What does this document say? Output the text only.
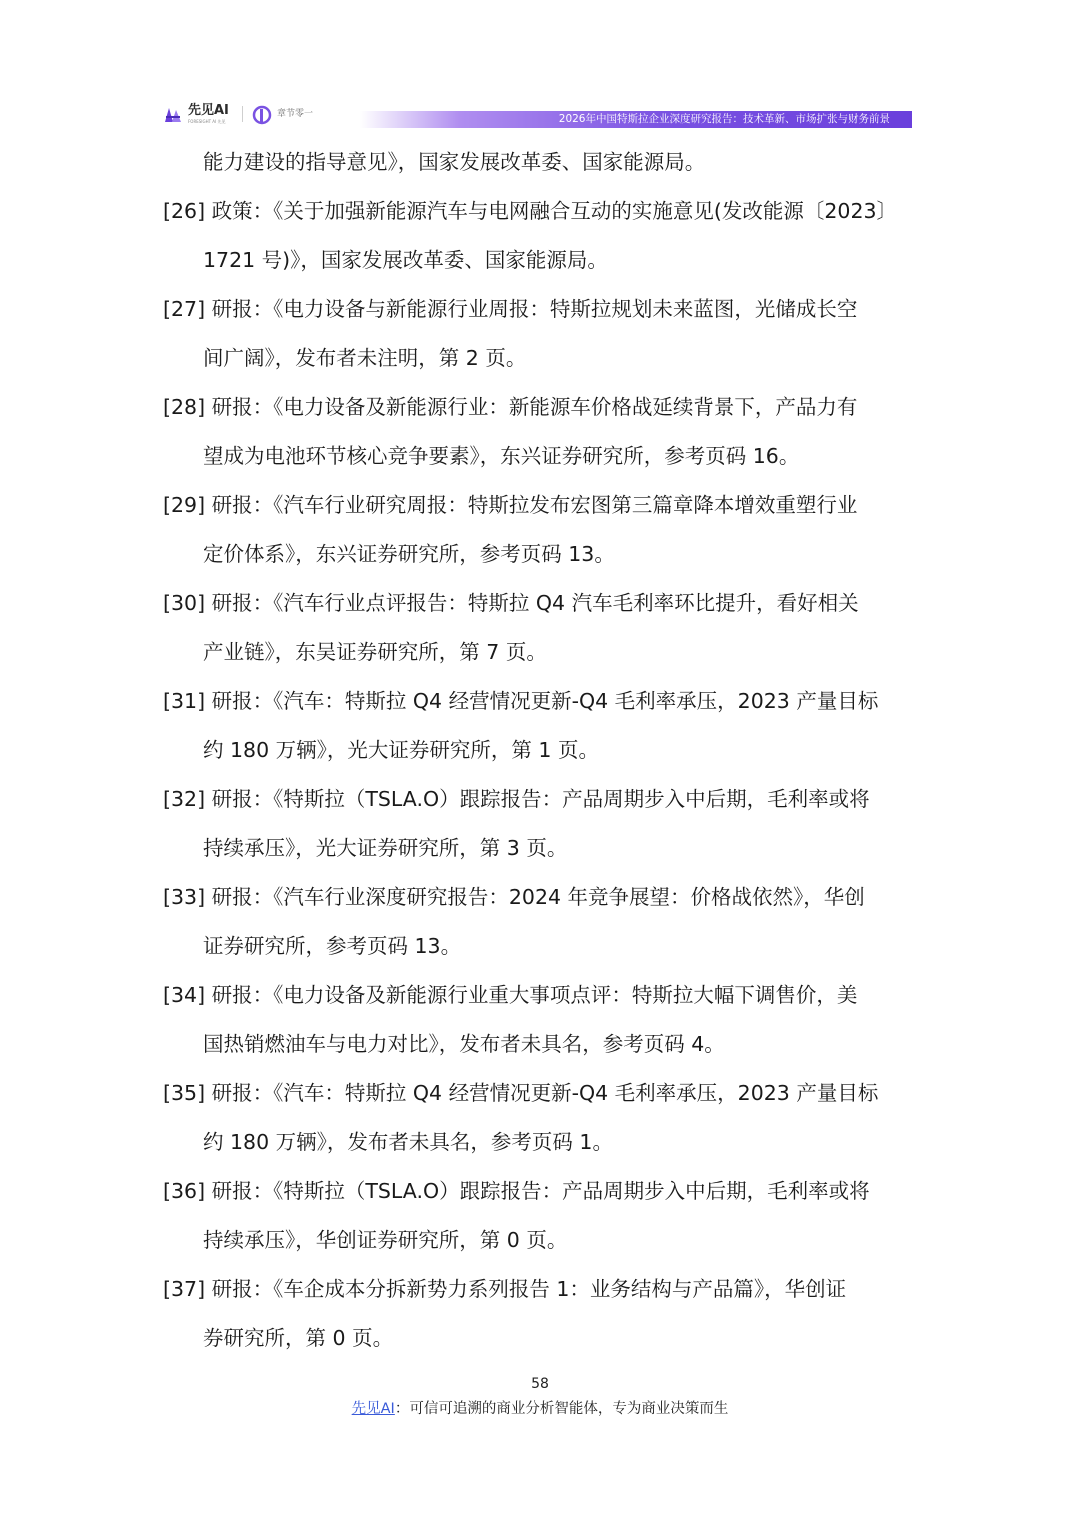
先见AI
FORESIGHT AI 先见
章节零一	2026年中国特斯拉企业深度研究报告：技术革新、市场扩张与财务前景
能力建设的指导意见》，国家发展改革委、国家能源局。
[26] 政策：《关于加强新能源汽车与电网融合互动的实施意见(发改能源〔2023〕
1721 号)》，国家发展改革委、国家能源局。
[27] 研报：《电力设备与新能源行业周报：特斯拉规划未来蓝图，光储成长空
间广阔》，发布者未注明，第 2 页。
[28] 研报：《电力设备及新能源行业：新能源车价格战延续背景下，产品力有
望成为电池环节核心竞争要素》，东兴证券研究所，参考页码 16。
[29] 研报：《汽车行业研究周报：特斯拉发布宏图第三篇章降本增效重塑行业
定价体系》，东兴证券研究所，参考页码 13。
[30] 研报：《汽车行业点评报告：特斯拉 Q4 汽车毛利率环比提升，看好相关
产业链》，东吴证券研究所，第 7 页。
[31] 研报：《汽车：特斯拉 Q4 经营情况更新-Q4 毛利率承压，2023 产量目标
约 180 万辆》，光大证券研究所，第 1 页。
[32] 研报：《特斯拉（TSLA.O）跟踪报告：产品周期步入中后期，毛利率或将
持续承压》，光大证券研究所，第 3 页。
[33] 研报：《汽车行业深度研究报告：2024 年竞争展望：价格战依然》，华创
证券研究所，参考页码 13。
[34] 研报：《电力设备及新能源行业重大事项点评：特斯拉大幅下调售价，美
国热销燃油车与电力对比》，发布者未具名，参考页码 4。
[35] 研报：《汽车：特斯拉 Q4 经营情况更新-Q4 毛利率承压，2023 产量目标
约 180 万辆》，发布者未具名，参考页码 1。
[36] 研报：《特斯拉（TSLA.O）跟踪报告：产品周期步入中后期，毛利率或将
持续承压》，华创证券研究所，第 0 页。
[37] 研报：《车企成本分拆新势力系列报告 1：业务结构与产品篇》，华创证
券研究所，第 0 页。
58
先见AI：可信可追溯的商业分析智能体，专为商业决策而生
